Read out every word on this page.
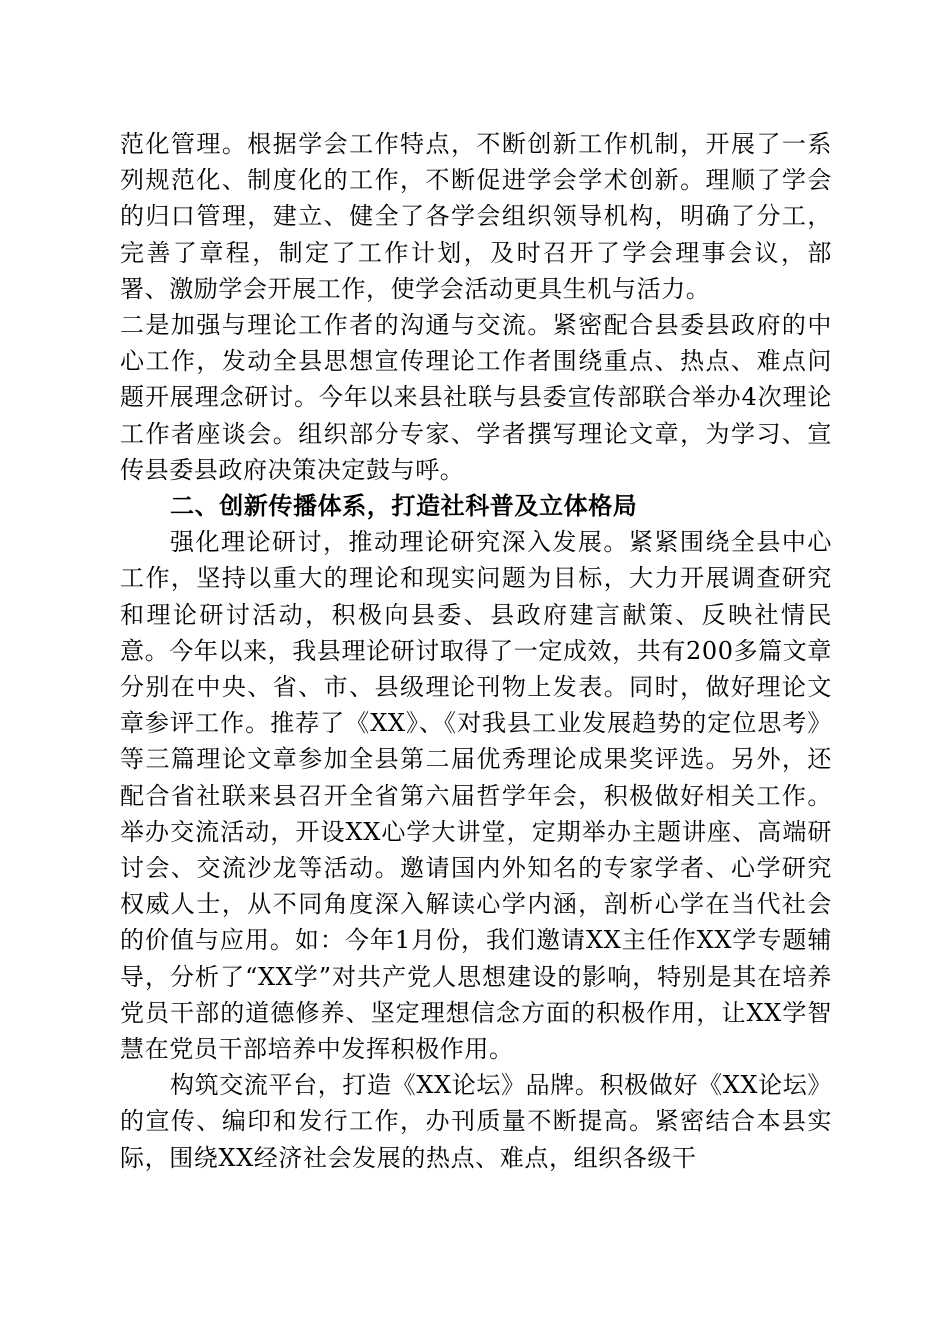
范化管理。根据学会工作特点，不断创新工作机制，开展了一系列规范化、制度化的工作，不断促进学会学术创新。理顺了学会的归口管理，建立、健全了各学会组织领导机构，明确了分工，完善了章程，制定了工作计划，及时召开了学会理事会议，部署、激励学会开展工作，使学会活动更具生机与活力。

二是加强与理论工作者的沟通与交流。紧密配合县委县政府的中心工作，发动全县思想宣传理论工作者围绕重点、热点、难点问题开展理念研讨。今年以来县社联与县委宣传部联合举办4次理论工作者座谈会。组织部分专家、学者撰写理论文章，为学习、宣传县委县政府决策决定鼓与呼。

二、创新传播体系，打造社科普及立体格局

强化理论研讨，推动理论研究深入发展。紧紧围绕全县中心工作，坚持以重大的理论和现实问题为目标，大力开展调查研究和理论研讨活动，积极向县委、县政府建言献策、反映社情民意。今年以来，我县理论研讨取得了一定成效，共有200多篇文章分别在中央、省、市、县级理论刊物上发表。同时，做好理论文章参评工作。推荐了《XX》、《对我县工业发展趋势的定位思考》等三篇理论文章参加全县第二届优秀理论成果奖评选。另外，还配合省社联来县召开全省第六届哲学年会，积极做好相关工作。举办交流活动，开设XX心学大讲堂，定期举办主题讲座、高端研讨会、交流沙龙等活动。邀请国内外知名的专家学者、心学研究权威人士，从不同角度深入解读心学内涵，剖析心学在当代社会的价值与应用。如：今年1月份，我们邀请XX主任作XX学专题辅导，分析了“XX学”对共产党人思想建设的影响，特别是其在培养党员干部的道德修养、坚定理想信念方面的积极作用，让XX学智慧在党员干部培养中发挥积极作用。

构筑交流平台，打造《XX论坛》品牌。积极做好《XX论坛》的宣传、编印和发行工作，办刊质量不断提高。紧密结合本县实际，围绕XX经济社会发展的热点、难点，组织各级干
